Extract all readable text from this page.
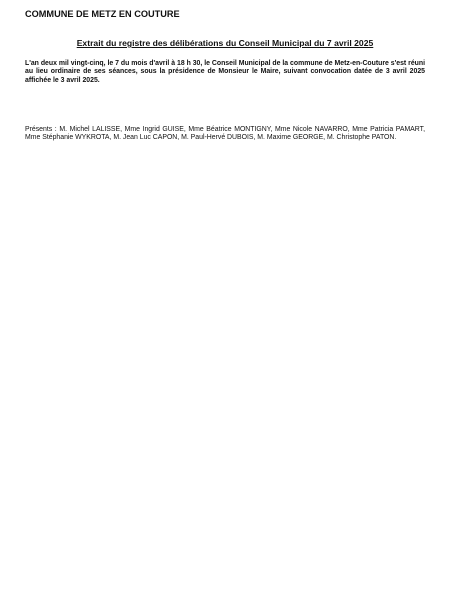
COMMUNE DE METZ EN COUTURE
Extrait du registre des délibérations du Conseil Municipal du 7 avril 2025
L'an deux mil vingt-cinq, le 7 du mois d'avril à 18 h 30, le Conseil Municipal de la commune de Metz-en-Couture s'est réuni au lieu ordinaire de ses séances, sous la présidence de Monsieur le Maire, suivant convocation datée de 3 avril 2025 affichée le 3 avril 2025.
Présents : M. Michel LALISSE, Mme Ingrid GUISE, Mme Béatrice MONTIGNY, Mme Nicole NAVARRO, Mme Patricia PAMART, Mme Stéphanie WYKROTA, M. Jean Luc CAPON, M. Paul-Hervé DUBOIS, M. Maxime GEORGE, M. Christophe PATON.
